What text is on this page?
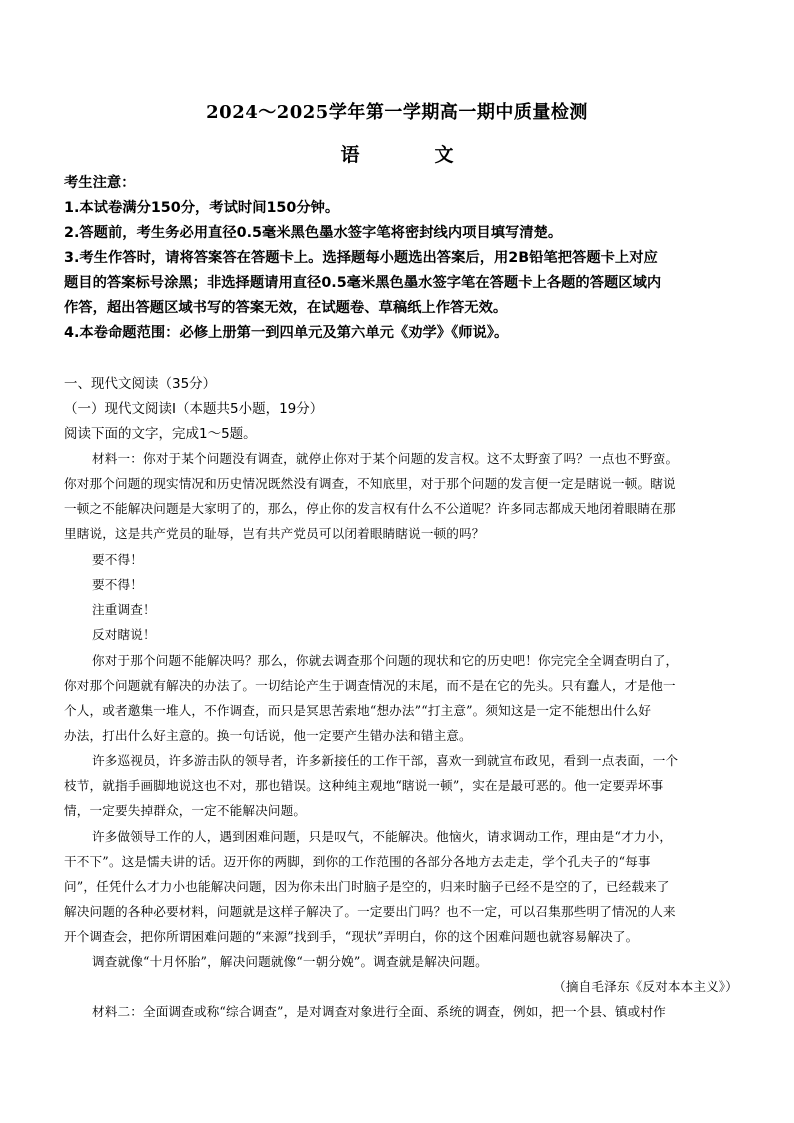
2024～2025学年第一学期高一期中质量检测
语　文
考生注意：
1.本试卷满分150分，考试时间150分钟。
2.答题前，考生务必用直径0.5毫米黑色墨水签字笔将密封线内项目填写清楚。
3.考生作答时，请将答案答在答题卡上。选择题每小题选出答案后，用2B铅笔把答题卡上对应
题目的答案标号涂黑；非选择题请用直径0.5毫米黑色墨水签字笔在答题卡上各题的答题区域内
作答，超出答题区域书写的答案无效，在试题卷、草稿纸上作答无效。
4.本卷命题范围：必修上册第一到四单元及第六单元《劝学》《师说》。
一、现代文阅读（35分）
（一）现代文阅读Ⅰ（本题共5小题，19分）
阅读下面的文字，完成1～5题。
材料一：你对于某个问题没有调查，就停止你对于某个问题的发言权。这不太野蛮了吗？一点也不野蛮。
你对那个问题的现实情况和历史情况既然没有调查，不知底里，对于那个问题的发言便一定是瞎说一顿。瞎说
一顿之不能解决问题是大家明了的，那么，停止你的发言权有什么不公道呢？许多同志都成天地闭着眼睛在那
里瞎说，这是共产党员的耻辱，岂有共产党员可以闭着眼睛瞎说一顿的吗？
要不得！
要不得！
注重调查！
反对瞎说！
你对于那个问题不能解决吗？那么，你就去调查那个问题的现状和它的历史吧！你完完全全调查明白了，
你对那个问题就有解决的办法了。一切结论产生于调查情况的末尾，而不是在它的先头。只有蠢人，才是他一
个人，或者邀集一堆人，不作调查，而只是冥思苦索地“想办法”“打主意”。须知这是一定不能想出什么好
办法，打出什么好主意的。换一句话说，他一定要产生错办法和错主意。
许多巡视员，许多游击队的领导者，许多新接任的工作干部，喜欢一到就宣布政见，看到一点表面，一个
枝节，就指手画脚地说这也不对，那也错误。这种纯主观地“瞎说一顿”，实在是最可恶的。他一定要弄坏事
情，一定要失掉群众，一定不能解决问题。
许多做领导工作的人，遇到困难问题，只是叹气，不能解决。他恼火，请求调动工作，理由是“才力小，
干不下”。这是懦夫讲的话。迈开你的两脚，到你的工作范围的各部分各地方去走走，学个孔夫子的“每事
问”，任凭什么才力小也能解决问题，因为你未出门时脑子是空的，归来时脑子已经不是空的了，已经载来了
解决问题的各种必要材料，问题就是这样子解决了。一定要出门吗？也不一定，可以召集那些明了情况的人来
开个调查会，把你所谓困难问题的“来源”找到手，“现状”弄明白，你的这个困难问题也就容易解决了。
调查就像“十月怀胎”，解决问题就像“一朝分娩”。调查就是解决问题。
（摘自毛泽东《反对本本主义》）
材料二：全面调查或称“综合调查”，是对调查对象进行全面、系统的调查，例如，把一个县、镇或村作
